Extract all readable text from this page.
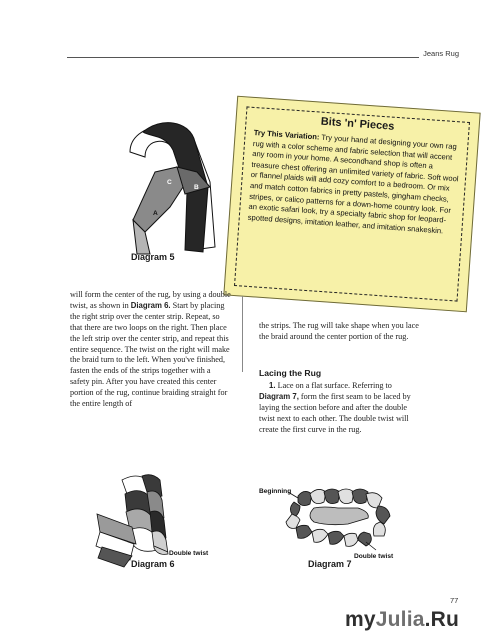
Jeans Rug
C
B
A
Diagram 5
Bits 'n' Pieces
Try This Variation: Try your hand at designing your own rag rug with a color scheme and fabric selection that will accent any room in your home. A secondhand shop is often a treasure chest offering an unlimited variety of fabric. Soft wool or flannel plaids will add cozy comfort to a bedroom. Or mix and match cotton fabrics in pretty pastels, gingham checks, stripes, or calico patterns for a down-home country look. For an exotic safari look, try a specialty fabric shop for leopard-spotted designs, imitation leather, and imitation snakeskin.
will form the center of the rug, by using a double twist, as shown in Diagram 6. Start by placing the right strip over the center strip. Repeat, so that there are two loops on the right. Then place the left strip over the center strip, and repeat this entire sequence. The twist on the right will make the braid turn to the left. When you've finished, fasten the ends of the strips together with a safety pin. After you have created this center portion of the rug, continue braiding straight for the entire length of
the strips. The rug will take shape when you lace the braid around the center portion of the rug.
Lacing the Rug
1. Lace on a flat surface. Referring to Diagram 7, form the first seam to be laced by laying the section before and after the double twist next to each other. The double twist will create the first curve in the rug.
Double twist
Diagram 6
Beginning
Double twist
Diagram 7
77
myJulia.Ru
